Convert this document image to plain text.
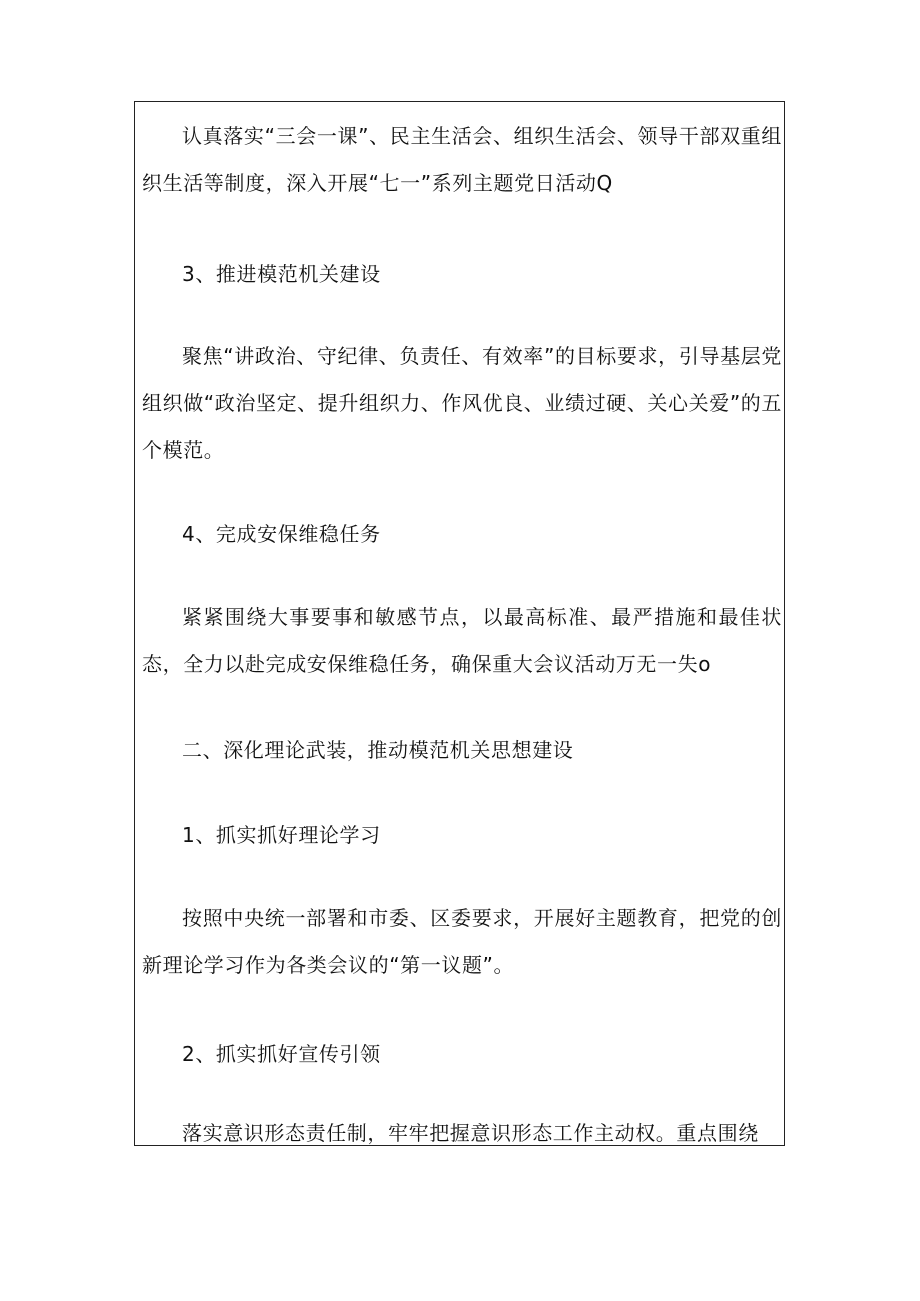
认真落实“三会一课”、民主生活会、组织生活会、领导干部双重组织生活等制度，深入开展“七一”系列主题党日活动Q

3、推进模范机关建设

聚焦“讲政治、守纪律、负责任、有效率”的目标要求，引导基层党组织做“政治坚定、提升组织力、作风优良、业绩过硬、关心关爱”的五个模范。

4、完成安保维稳任务

紧紧围绕大事要事和敏感节点，以最高标准、最严措施和最佳状态，全力以赴完成安保维稳任务，确保重大会议活动万无一失o

二、深化理论武装，推动模范机关思想建设

1、抓实抓好理论学习

按照中央统一部署和市委、区委要求，开展好主题教育，把党的创新理论学习作为各类会议的“第一议题”。

2、抓实抓好宣传引领

落实意识形态责任制，牢牢把握意识形态工作主动权。重点围绕
